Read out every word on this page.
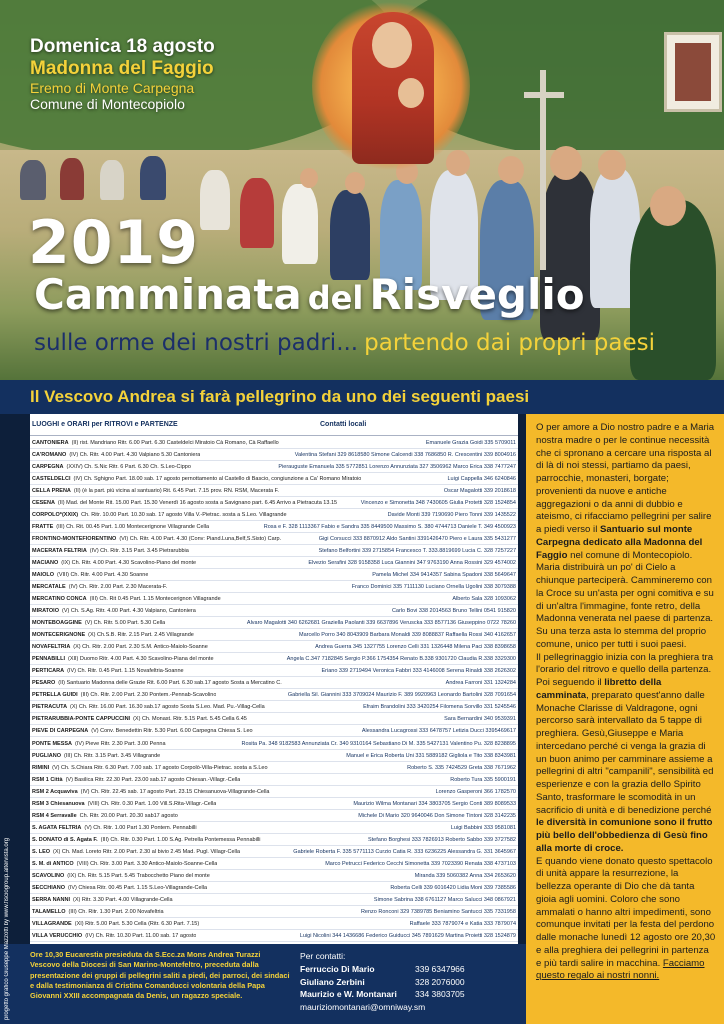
Domenica 18 agosto
Madonna del Faggio
Eremo di Monte Carpegna
Comune di Montecopiolo
2019
Camminata del Risveglio
sulle orme dei nostri padri... partendo dai propri paesi
Il Vescovo Andrea si farà pellegrino da uno dei seguenti paesi
LUOGHI e ORARI per RITROVI e PARTENZE	Contatti locali
CANTONIERA (II) rist. Mandriano Ritr. 6.00 Part. 6.30 Casteldelci Miratoio Cà Romano, Cà Raffaello	Emanuele Grazia Goidi 335 5709011
CA'ROMANO (IV) Ch. Ritr. 4.00 Part. 4.30 Valpiano 5.30 Cantoniera	Valentina Stefani 329 8618580 Simone Calcendi 338 7686850 R. Crescentini 339 8004916
CARPEGNA (XXIV) Ch. S.Nic Ritr. 6 Part. 6.30 Ch. S.Leo-Cippo	Pierauguste Emanuela 335 5772851 Lorenzo Annunziata 327 3506962 Marco Erica 338 7477247
CASTELDELCI (IV) Ch. Sghigno Part. 18.00 sab. 17 agosto pernottamento al Castello di Bascio, congiunzione a Ca' Romano Miratoio	Luigi Cappella 346 6240846
CELLA PRENA (II) (è la part. più vicina al santuario) Rit. 6.45 Part. 7.15 prov. RN. RSM, Macerata F.	Oscar Magalotti 339 2018618
CESENA (II) Mad. del Monte Rit. 15.00 Part. 15.30 Venerdì 16 agosto sosta a Savignano part. 6.45 Arrivo a Pietracuta 13.15	Vincenzo e Simonetta 348 7430605 Giulia Protetti 328 1524854
CORPOLO*(XXIX) Ch. Ritr. 10.00 Part. 10.30 sab. 17 agosto Villa V.-Pietrac. sosta a S.Leo. Villagrande	Davide Monti 339 7190690 Piero Tonni 339 1435522
FRATTE (III) Ch. Rit. 00.45 Part. 1.00 Montecerignone Villagrande Cella	Rosa e F. 328 1113367 Fabio e Sandra 335 8449500 Massimo S. 380 4744713 Daniele T. 349 4500923
FRONTINO-MONTEFIORENTINO (VI) Ch. Ritr. 4.00 Part. 4.30 (Conv: Piand.Luna,Belf,S.Sisto) Carp.	Gigi Corsucci 333 8870912 Aldo Santini 3391426470 Piero e Laura 335 5431277
MACERATA FELTRIA (IV) Ch. Ritr. 3.15 Part. 3.45 Pietrarubbia	Stefano Belfortini 339 2715854 Francesco T. 333.8819699 Lucia C. 328 7257227
MACIANO (IX) Ch. Ritr. 4.00 Part. 4.30 Scavolino-Piano del monte	Elvezio Serafini 328 9158358 Luca Giannini 347 9763190 Anna Rossini 329 4574002
MAIOLO (VIII) Ch. Ritr. 4.00 Part. 4.30 Soanne	Pamela Michel 334 9414357 Sabina Spadoni 338 5649647
MERCATALE (IV) Ch. Ritr. 2.00 Part. 2.30 Macerata-F.	Franco Dominici 335 7111130 Luciano Ornella Ugolini 338 3079388
MERCATINO CONCA (III) Ch. Rit 0.45 Part. 1.15 Montecerignon Villagrande	Alberto Sala 328 1093062
MIRATOIO (V) Ch. S.Ag. Ritr. 4.00 Part. 4.30 Valpiano, Cantoniera	Carlo Bovi 338 2014563 Bruno Tellini 0541 915820
MONTEBOAGGINE (V) Ch. Ritr. 5.00 Part. 5.30 Cella	Alvaro Magalotti 340 6262681 Graziella Paolanti 339 6637896 Veruscka 333 8577136 Giuseppino 0722 78260
MONTECERIGNONE (X) Ch.S.B. Ritr. 2.15 Part. 2.45 Villagrande	Marcello Porro 340 8043909 Barbara Monaldi 339 8088837 Raffaella Rossi 340 4162657
NOVAFELTRIA (X) Ch. Ritr. 2.00 Part. 2.30 S.M. Antico-Maiolo-Soanne	Andrea Guerra 345 1327755 Lorenzo Celli 331 1326448 Milena Paci 338 8398658
PENNABILLI (XII) Duomo Ritr. 4.00 Part. 4.30 Scavolino-Piana del monte	Angela C.347 7182845 Sergio P.366 1754354 Renato B.338 9301720 Claudia R.338 3329300
PERTICARA (IV) Ch. Ritr. 0.45 Part. 1.15 Novafeltria-Soanne	Eriano 339 2719494 Veronica Fabbri 333 4146008 Serena Rinaldi 338 2626302
PESARO (II) Santuario Madonna delle Grazie Rit. 6.00 Part. 6.30 sab.17 agosto Sosta a Mercatino C.	Andrea Farroni 331 1324284
PETRELLA GUIDI (III) Ch. Ritr. 2.00 Part. 2.30 Pontem.-Pennab-Scavolino	Gabriella Sil. Giannini 333 3709024 Maurizio F. 389 9920963 Leonardo Bartolini 328 7091654
PIETRACUTA (X) Ch. Ritr. 16.00 Part. 16.30 sab.17 agosto Sosta S.Leo. Mad. Pu.-Villag-Cella	Efraim Brandolini 333 3420254 Filomena Sorvillo 331 5245546
PIETRARUBBIA-PONTE CAPPUCCINI (X) Ch. Monast. Ritr. 5.15 Part. 5.45 Cella 6.45	Sara Bernardini 340 9539391
PIEVE DI CARPEGNA (V) Conv. Benedettin Ritr. 5.30 Part. 6.00 Carpegna Chiesa S. Leo	Alessandra Lucagrossi 333 6478757 Letizia Ducci 3395469617
PONTE MESSA (IV) Pieve Ritr. 2.30 Part. 3.00 Penna	Rosita Pa. 348 9182583 Annunziata Cr. 340 9310164 Sebastiano Di M. 335 5427131 Valentino Pu. 328 8238895
PUGLIANO (III) Ch. Ritr. 3.15 Part. 3.45 Villagrande	Manuel e Erica Roberta Uni 331 5889182 Gigliola e Tito 338 8343981
RIMINI (V) Ch. S.Chiara Ritr. 6.30 Part. 7.00 sab. 17 agosto Corpolò-Villa-Pietrac. sosta a S.Leo	Roberto S. 335 7424529 Greta 338 7671962
RSM 1 Città (V) Basilica Ritr. 22.30 Part. 23.00 sab.17 agosto Chiesan.-Villagr.-Cella	Roberto Tura 335 5900191
RSM 2 Acquaviva (IV) Ch. Ritr. 22.45 sab. 17 agosto Part. 23.15 Chiesanuova-Villagrande-Cella	Lorenzo Gasperoni 366 1782570
RSM 3 Chiesanuova (VIII) Ch. Ritr. 0.30 Part. 1.00 Vill.S.Rita-Villagr.-Cella	Maurizio Wilma Montanari 334 3803705 Sergio Conti 389 8089533
RSM 4 Serravalle Ch. Ritr. 20.00 Part. 20.30 sab17 agosto	Michele Di Mario 320 9640046 Don Simone Tintoni 328 3142235
S. AGATA FELTRIA (V) Ch. Ritr. 1.00 Part 1.30 Pontem. Pennabilli	Luigi Babbini 333 9581081
S. DONATO di S. Agata F. (III) Ch. Ritr. 0.30 Part. 1.00 S.Ag. Petrella Pontemessa Pennabilli	Stefano Borghesi 333 7826913 Roberto Sabbo 339 3727582
S. LEO (X) Ch. Mad. Loreto Ritr. 2.00 Part. 2.30 al bivio 2.45 Mad. Pugl. Villagr-Cella	Gabriele Roberta F. 335 5771113 Curzio Catia R. 333 6236225 Alessandra G. 331 3645967
S. M. di ANTICO (VIII) Ch. Ritr. 3.00 Part. 3.30 Antico-Maiolo-Soanne-Cella	Marco Petrucci Federico Cecchi Simonetta 339 7023390 Renata 338 4737103
SCAVOLINO (IX) Ch. Ritr. 5.15 Part. 5.45 Trabocchetto Piano del monte	Miranda 339 5060382 Anna 334 2653620
SECCHIANO (IV) Chiesa Ritr. 00.45 Part. 1.15 S.Leo-Villagrande-Cella	Roberta Celli 339 6016420 Lidia Moni 339 7385586
SERRA NANNI (X) Ritr. 3.30 Part. 4.00 Villagrande-Cella	Simone Sabrina 338 6761127 Marco Salucci 348 0867921
TALAMELLO (III) Ch. Ritr. 1.30 Part. 2.00 Novafeltria	Renzo Ronconi 329 7389785 Beniamino Santucci 335 7331958
VILLAGRANDE (XI) Ritr. 5.00 Part. 5.30 Cella (Ritr. 6.30 Part. 7.15)	Raffaele 333 7879074 e Katia 333 7879074
VILLA VERUCCHIO (IV) Ch. Ritr. 10.30 Part. 11.00 sab. 17 agosto	Luigi Nicolini 344 1436686 Federico Guiducci 345 7891629 Martina Proietti 328 1524879

O per amore a Dio nostro padre e a Maria nostra madre o per le continue necessità che ci spronano a cercare una risposta al di là di noi stessi, partiamo da paesi, parrocchie, monasteri, borgate; provenienti da nuove e antiche aggregazioni o da anni di dubbio e ateismo, ci rifacciamo pellegrini per salire a piedi verso il Santuario sul monte Carpegna dedicato alla Madonna del Faggio nel comune di Montecopiolo.

Maria distribuirà un po' di Cielo a chiunque parteciperà. Cammineremo con la Croce su un'asta per ogni comitiva e su di un'altra l'immagine, fonte retro, della Madonna venerata nel paese di partenza. Su una terza asta lo stemma del proprio comune, unico per tutti i suoi paesi.

Il pellegrinaggio inizia con la preghiera tra l'orario del ritrovo e quello della partenza. Poi seguendo il libretto della camminata, preparato quest'anno dalle Monache Clarisse di Valdragone, ogni percorso sarà intervallato da 5 tappe di preghiera. Gesù,Giuseppe e Maria intercedano perché ci venga la grazia di un buon animo per camminare assieme a pellegrini di altri "campanili", sensibilità ed esperienze e con la grazia dello Spirito Santo, trasformare le scomodità in un sacrificio di unità e di benedizione perché le diversità in comunione sono il frutto più bello dell'obbedienza di Gesù fino alla morte di croce.

E quando viene donato questo spettacolo di unità appare la resurrezione, la bellezza operante di Dio che dà tanta gioia agli uomini. Coloro che sono ammalati o hanno altri impedimenti, sono comunque invitati per la festa del perdono dalle monache lunedì 12 agosto ore 20,30 e alla preghiera dei pellegrini in partenza e più tardi salire in macchina. Facciamo questo regalo ai nostri nonni.

Ore 10,30 Eucarestia presieduta da S.Ecc.za Mons Andrea Turazzi Vescovo della Diocesi di San Marino-Montefeltro, preceduta dalla presentazione dei gruppi di pellegrini saliti a piedi, dei parroci, dei sindaci e dalla testimonianza di Cristina Comanducci volontaria della Papa Giovanni XXIII accompagnata da Denis, un ragazzo speciale.
Per contatti:
Ferruccio Di Mario	339 6347966
Giuliano Zerbini	328 2076000
Maurizio e W. Montanari 334 3803705
mauriziomontanari@omniway.sm
progetto grafico Giuseppe Mazzotti by www.fisciogroup.altervista.org
